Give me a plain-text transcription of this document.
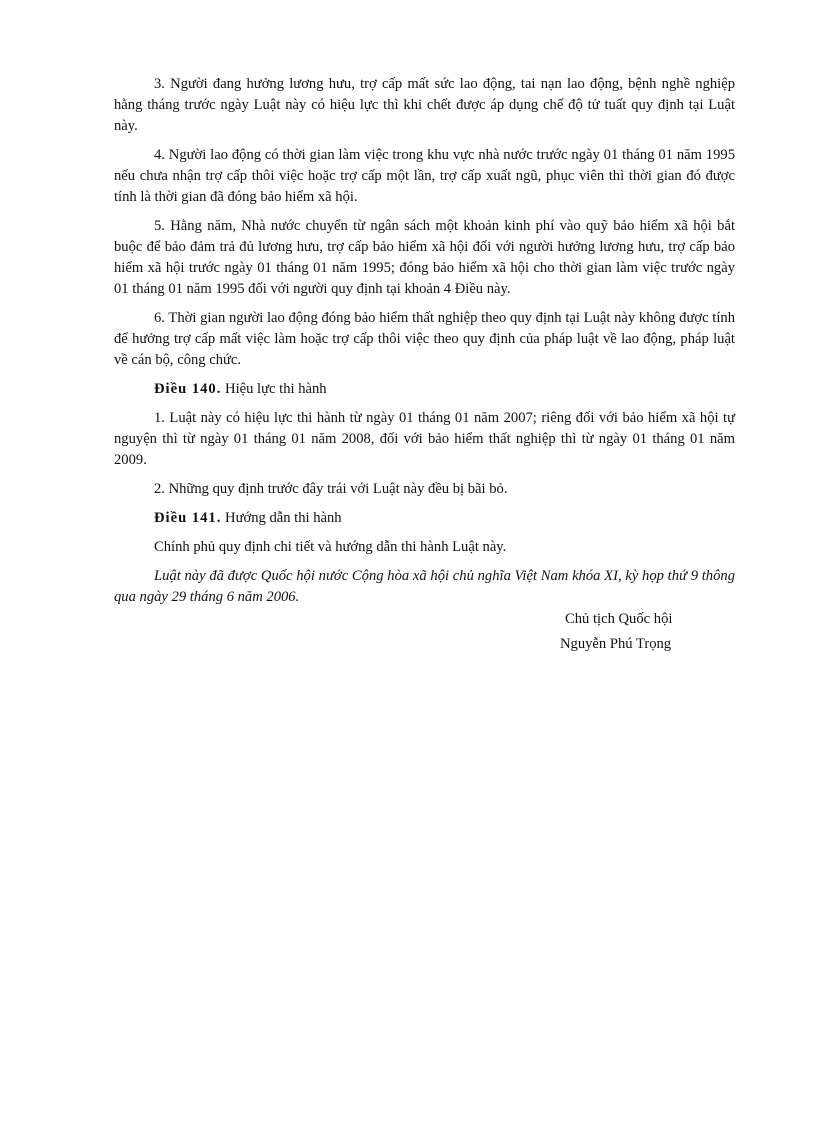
3. Người đang hưởng lương hưu, trợ cấp mất sức lao động, tai nạn lao động, bệnh nghề nghiệp hằng tháng trước ngày Luật này có hiệu lực thì khi chết được áp dụng chế độ tử tuất quy định tại Luật này.

4. Người lao động có thời gian làm việc trong khu vực nhà nước trước ngày 01 tháng 01 năm 1995 nếu chưa nhận trợ cấp thôi việc hoặc trợ cấp một lần, trợ cấp xuất ngũ, phục viên thì thời gian đó được tính là thời gian đã đóng bảo hiểm xã hội.

5. Hằng năm, Nhà nước chuyển từ ngân sách một khoản kinh phí vào quỹ bảo hiểm xã hội bắt buộc để bảo đảm trả đủ lương hưu, trợ cấp bảo hiểm xã hội đối với người hưởng lương hưu, trợ cấp bảo hiểm xã hội trước ngày 01 tháng 01 năm 1995; đóng bảo hiểm xã hội cho thời gian làm việc trước ngày 01 tháng 01 năm 1995 đối với người quy định tại khoản 4 Điều này.

6. Thời gian người lao động đóng bảo hiểm thất nghiệp theo quy định tại Luật này không được tính để hưởng trợ cấp mất việc làm hoặc trợ cấp thôi việc theo quy định của pháp luật về lao động, pháp luật về cán bộ, công chức.

Điều 140. Hiệu lực thi hành

1. Luật này có hiệu lực thi hành từ ngày 01 tháng 01 năm 2007; riêng đối với bảo hiểm xã hội tự nguyện thì từ ngày 01 tháng 01 năm 2008, đối với bảo hiểm thất nghiệp thì từ ngày 01 tháng 01 năm 2009.

2. Những quy định trước đây trái với Luật này đều bị bãi bỏ.

Điều 141. Hướng dẫn thi hành

Chính phủ quy định chi tiết và hướng dẫn thi hành Luật này.

Luật này đã được Quốc hội nước Cộng hòa xã hội chủ nghĩa Việt Nam khóa XI, kỳ họp thứ 9 thông qua ngày 29 tháng 6 năm 2006.

Chủ tịch Quốc hội
Nguyễn Phú Trọng
